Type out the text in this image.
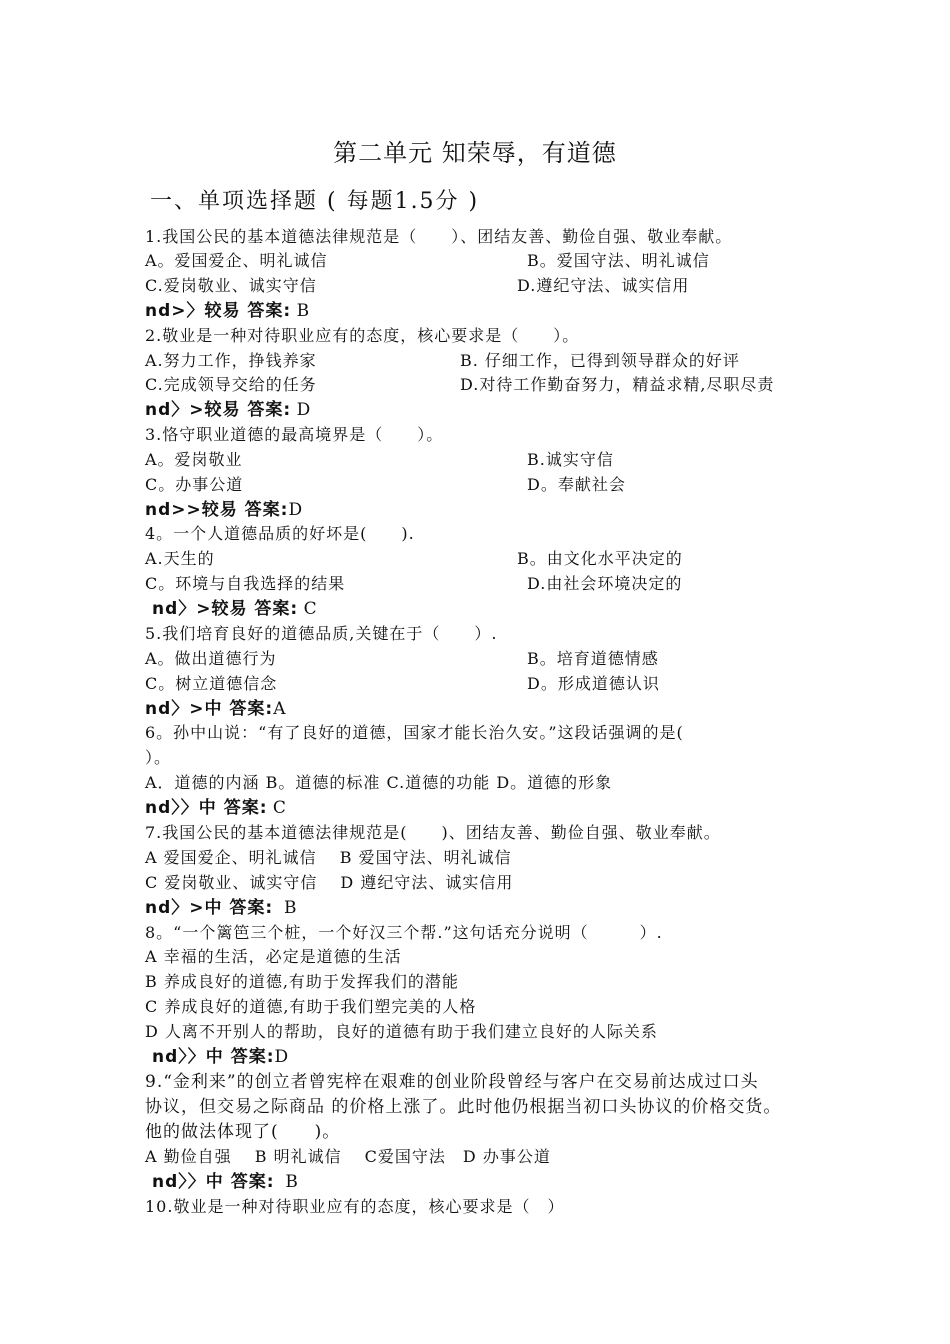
第二单元 知荣辱，有道德
一、单项选择题 ( 每题1.5分 )
1.我国公民的基本道德法律规范是（　　）、团结友善、勤俭自强、敬业奉献。
A。爱国爱企、明礼诚信	B。爱国守法、明礼诚信
C.爱岗敬业、诚实守信	D.遵纪守法、诚实信用
nd>〉较易 答案: B
2.敬业是一种对待职业应有的态度，核心要求是（　　）。
A.努力工作，挣钱养家	B. 仔细工作，已得到领导群众的好评
C.完成领导交给的任务	D.对待工作勤奋努力，精益求精,尽职尽责
nd〉>较易 答案: D
3.恪守职业道德的最高境界是（　　）。
A。爱岗敬业	B.诚实守信
C。办事公道	D。奉献社会
nd>>较易 答案:D
4。一个人道德品质的好坏是(　　).
A.天生的	B。由文化水平决定的
C。环境与自我选择的结果	D.由社会环境决定的
nd〉>较易 答案: C
5.我们培育良好的道德品质,关键在于（　　）.
A。做出道德行为	B。培育道德情感
C。树立道德信念	D。形成道德认识
nd〉>中 答案:A
6。孙中山说：“有了良好的道德，国家才能长治久安。”这段话强调的是(
）。
A．道德的内涵 B。道德的标准 C.道德的功能 D。道德的形象
nd〉〉中 答案: C
7.我国公民的基本道德法律规范是(　　)、团结友善、勤俭自强、敬业奉献。
A 爱国爱企、明礼诚信　 B 爱国守法、明礼诚信
C 爱岗敬业、诚实守信　 D 遵纪守法、诚实信用
nd〉>中 答案: B
8。“一个篱笆三个桩，一个好汉三个帮.”这句话充分说明（　　　）.
A 幸福的生活，必定是道德的生活
B 养成良好的道德,有助于发挥我们的潜能
C 养成良好的道德,有助于我们塑完美的人格
D 人离不开别人的帮助，良好的道德有助于我们建立良好的人际关系
nd〉〉中 答案:D
9.“金利来”的创立者曾宪梓在艰难的创业阶段曾经与客户在交易前达成过口头
协议，但交易之际商品 的价格上涨了。此时他仍根据当初口头协议的价格交货。
他的做法体现了(　　)。
A 勤俭自强　 B 明礼诚信　 C爱国守法　D 办事公道
nd〉〉中 答案: B
10.敬业是一种对待职业应有的态度，核心要求是（　）
